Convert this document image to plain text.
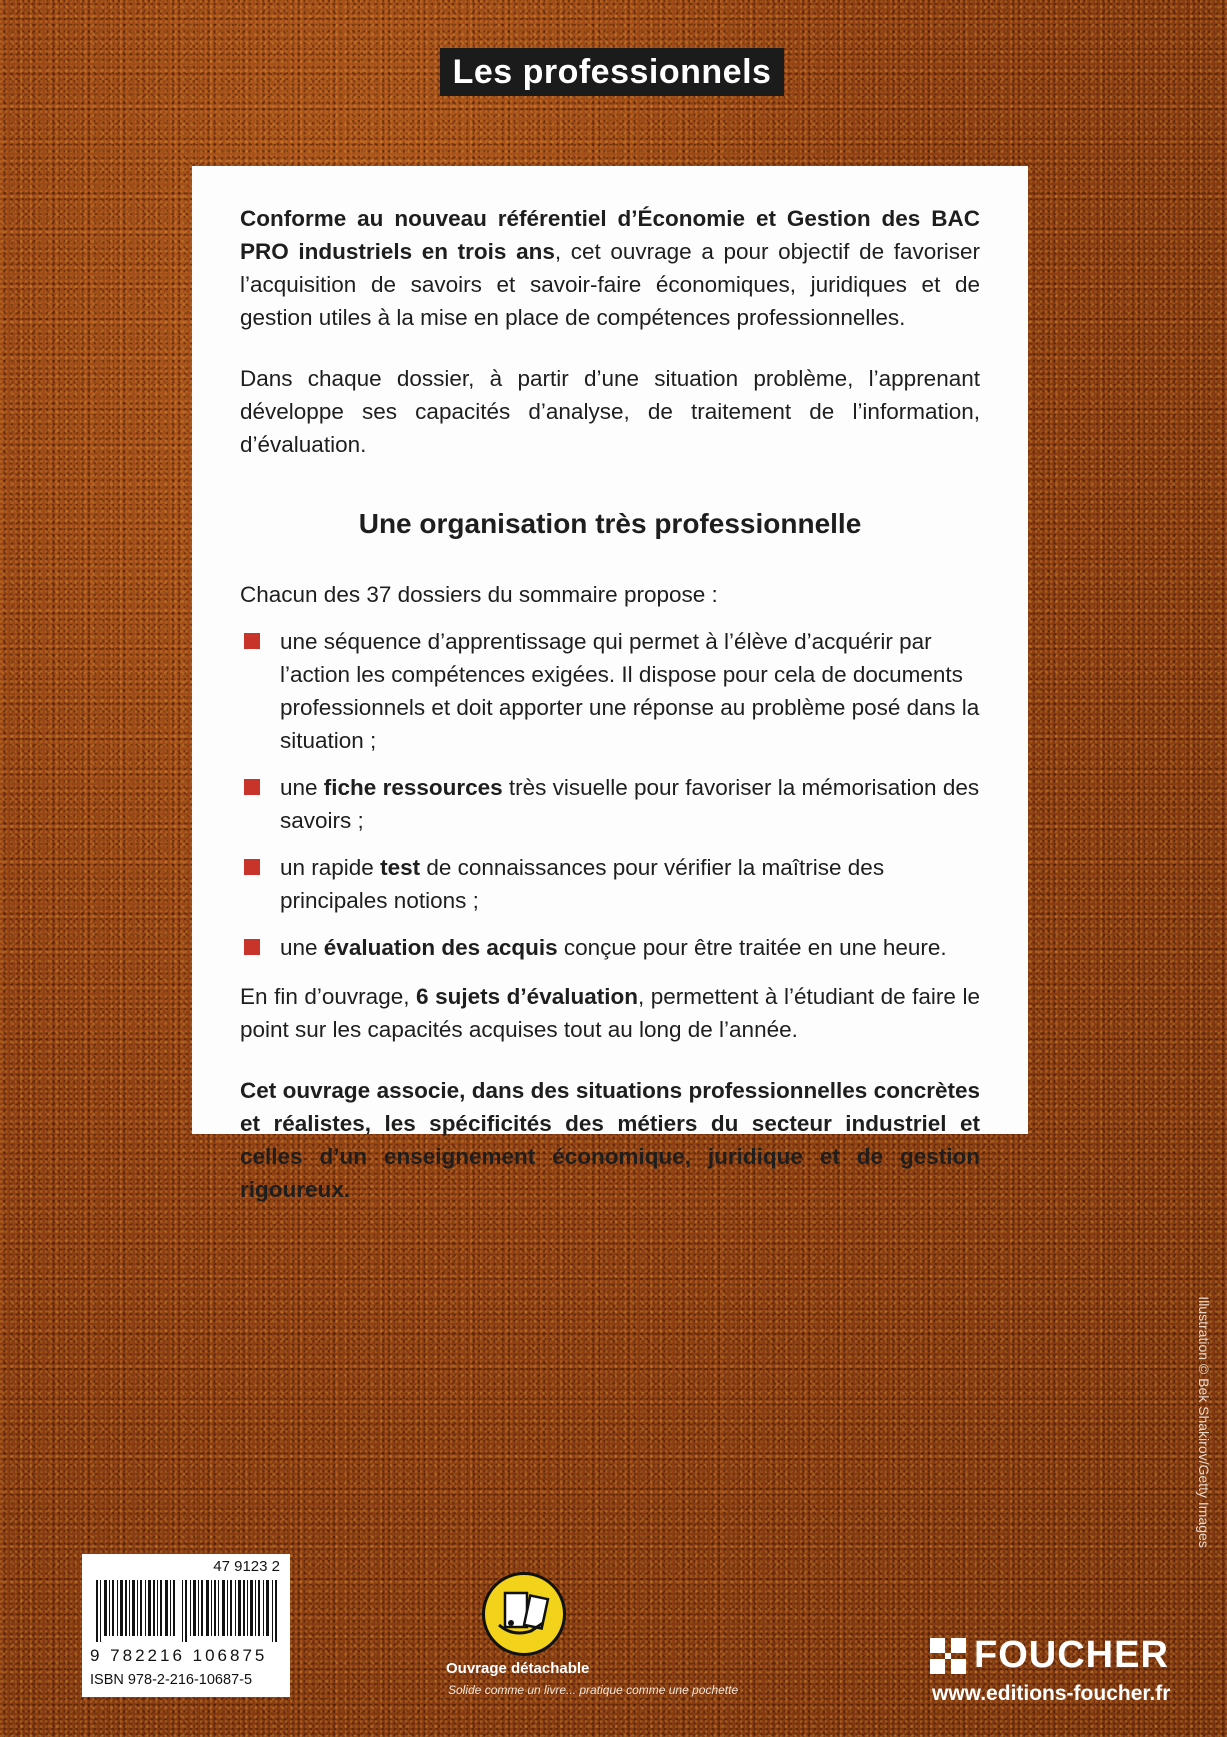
Les professionnels

Conforme au nouveau référentiel d’Économie et Gestion des BAC PRO industriels en trois ans, cet ouvrage a pour objectif de favoriser l’acquisition de savoirs et savoir-faire économiques, juridiques et de gestion utiles à la mise en place de compétences professionnelles.

Dans chaque dossier, à partir d’une situation problème, l’apprenant développe ses capacités d’analyse, de traitement de l’information, d’évaluation.

Une organisation très professionnelle

Chacun des 37 dossiers du sommaire propose :

une séquence d’apprentissage qui permet à l’élève d’acquérir par l’action les compétences exigées. Il dispose pour cela de documents professionnels et doit apporter une réponse au problème posé dans la situation ;
une fiche ressources très visuelle pour favoriser la mémorisation des savoirs ;
un rapide test de connaissances pour vérifier la maîtrise des principales notions ;
une évaluation des acquis conçue pour être traitée en une heure.

En fin d’ouvrage, 6 sujets d’évaluation, permettent à l’étudiant de faire le point sur les capacités acquises tout au long de l’année.

Cet ouvrage associe, dans des situations professionnelles concrètes et réalistes, les spécificités des métiers du secteur industriel et celles d’un enseignement économique, juridique et de gestion rigoureux.

Illustration © Bek Shakirov/Getty Images
47 9123 2
9 782216 106875
ISBN 978-2-216-10687-5
Ouvrage détachable
Solide comme un livre... pratique comme une pochette
FOUCHER
www.editions-foucher.fr
